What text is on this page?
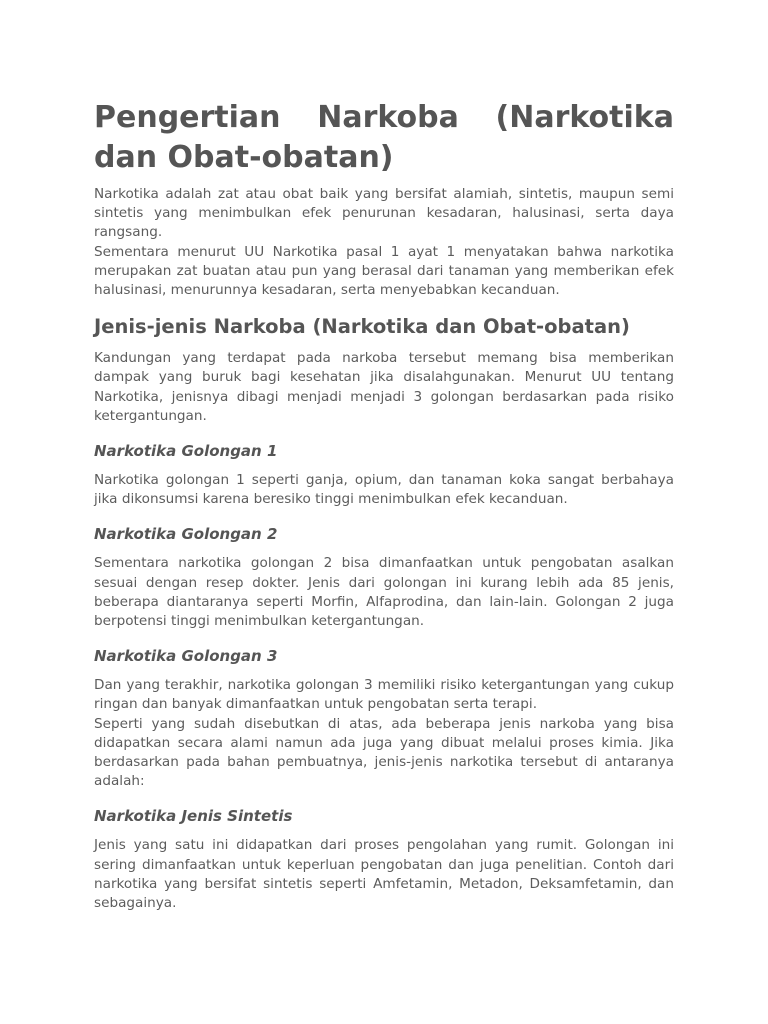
Pengertian Narkoba (Narkotika dan Obat-obatan)

Narkotika adalah zat atau obat baik yang bersifat alamiah, sintetis, maupun semi sintetis yang menimbulkan efek penurunan kesadaran, halusinasi, serta daya rangsang.

Sementara menurut UU Narkotika pasal 1 ayat 1 menyatakan bahwa narkotika merupakan zat buatan atau pun yang berasal dari tanaman yang memberikan efek halusinasi, menurunnya kesadaran, serta menyebabkan kecanduan.

Jenis-jenis Narkoba (Narkotika dan Obat-obatan)

Kandungan yang terdapat pada narkoba tersebut memang bisa memberikan dampak yang buruk bagi kesehatan jika disalahgunakan. Menurut UU tentang Narkotika, jenisnya dibagi menjadi menjadi 3 golongan berdasarkan pada risiko ketergantungan.

Narkotika Golongan 1

Narkotika golongan 1 seperti ganja, opium, dan tanaman koka sangat berbahaya jika dikonsumsi karena beresiko tinggi menimbulkan efek kecanduan.

Narkotika Golongan 2

Sementara narkotika golongan 2 bisa dimanfaatkan untuk pengobatan asalkan sesuai dengan resep dokter. Jenis dari golongan ini kurang lebih ada 85 jenis, beberapa diantaranya seperti Morfin, Alfaprodina, dan lain-lain. Golongan 2 juga berpotensi tinggi menimbulkan ketergantungan.

Narkotika Golongan 3

Dan yang terakhir, narkotika golongan 3 memiliki risiko ketergantungan yang cukup ringan dan banyak dimanfaatkan untuk pengobatan serta terapi.

Seperti yang sudah disebutkan di atas, ada beberapa jenis narkoba yang bisa didapatkan secara alami namun ada juga yang dibuat melalui proses kimia. Jika berdasarkan pada bahan pembuatnya, jenis-jenis narkotika tersebut di antaranya adalah:

Narkotika Jenis Sintetis

Jenis yang satu ini didapatkan dari proses pengolahan yang rumit. Golongan ini sering dimanfaatkan untuk keperluan pengobatan dan juga penelitian. Contoh dari narkotika yang bersifat sintetis seperti Amfetamin, Metadon, Deksamfetamin, dan sebagainya.
